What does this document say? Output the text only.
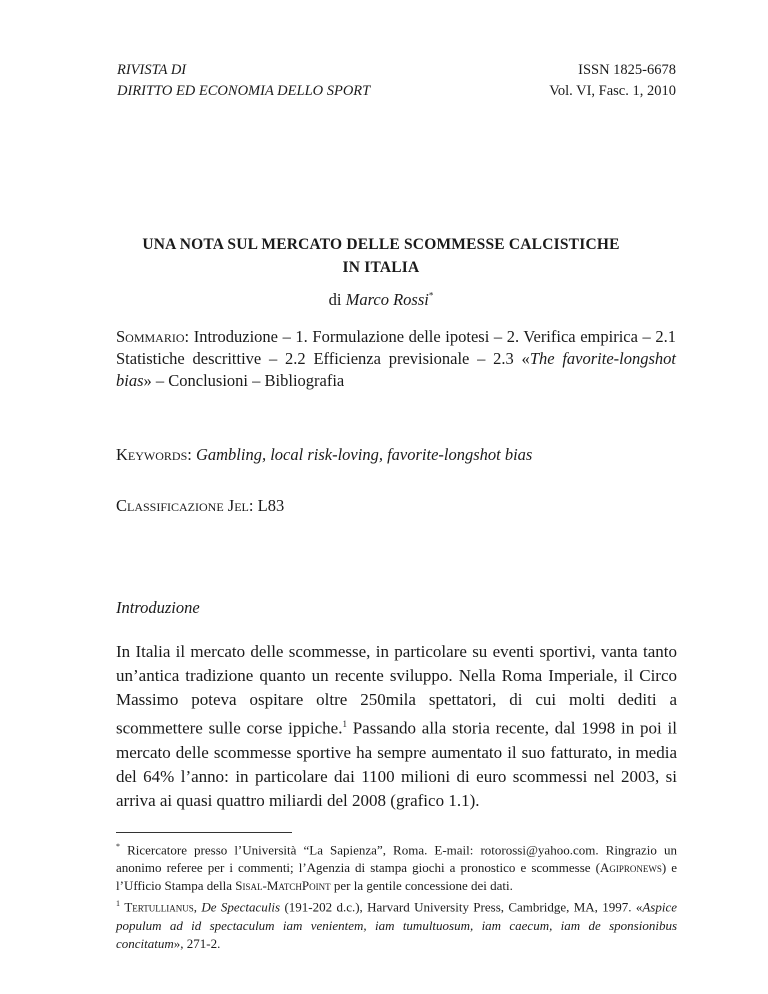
RIVISTA DI
DIRITTO ED ECONOMIA DELLO SPORT
ISSN 1825-6678
Vol. VI, Fasc. 1, 2010
UNA NOTA SUL MERCATO DELLE SCOMMESSE CALCISTICHE
IN ITALIA
di Marco Rossi*
Sommario: Introduzione – 1. Formulazione delle ipotesi – 2. Verifica empirica – 2.1 Statistiche descrittive – 2.2 Efficienza previsionale – 2.3 «The favorite-longshot bias» – Conclusioni – Bibliografia
Keywords: Gambling, local risk-loving, favorite-longshot bias
Classificazione Jel: L83
Introduzione
In Italia il mercato delle scommesse, in particolare su eventi sportivi, vanta tanto un’antica tradizione quanto un recente sviluppo. Nella Roma Imperiale, il Circo Massimo poteva ospitare oltre 250mila spettatori, di cui molti dediti a scommettere sulle corse ippiche.$^1$ Passando alla storia recente, dal 1998 in poi il mercato delle scommesse sportive ha sempre aumentato il suo fatturato, in media del 64% l’anno: in particolare dai 1100 milioni di euro scommessi nel 2003, si arriva ai quasi quattro miliardi del 2008 (grafico 1.1).

* Ricercatore presso l’Università “La Sapienza”, Roma. E-mail: rotorossi@yahoo.com. Ringrazio un anonimo referee per i commenti; l’Agenzia di stampa giochi a pronostico e scommesse (Agipronews) e l’Ufficio Stampa della Sisal-MatchPoint per la gentile concessione dei dati.

$^1$ Tertullianus, De Spectaculis (191-202 d.c.), Harvard University Press, Cambridge, MA, 1997. «Aspice populum ad id spectaculum iam venientem, iam tumultuosum, iam caecum, iam de sponsionibus concitatum», 271-2.
